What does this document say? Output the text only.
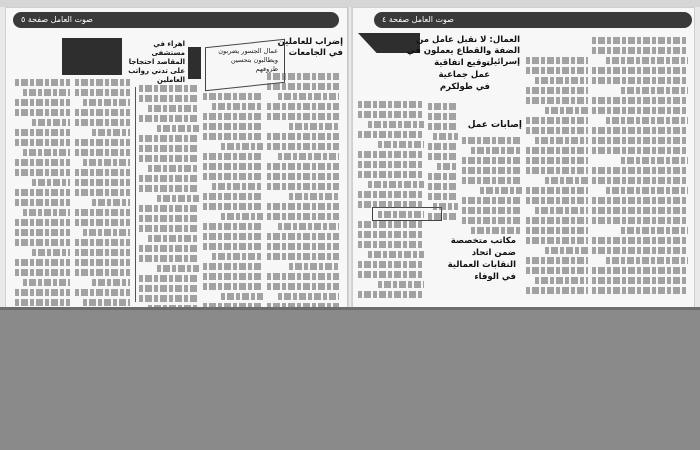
صوت العامل صفحة ٥
اهراء في مستشفى المقاصد احتجاجا على تدني رواتب العاملين
إضراب للعاملين في الجامعات
عمال الجسور يضربون ويطالبون بتحسين ظروفهم
صوت العامل صفحة ٤
العمال: لا نقبل عامل من الضفة والقطاع يعملون في إسرائيل
توقيع اتفاقية عمل جماعية في طولكرم
إصابات عمل
مكاتب متخصصة ضمن اتحاد النقابات العمالية في الوفاء
